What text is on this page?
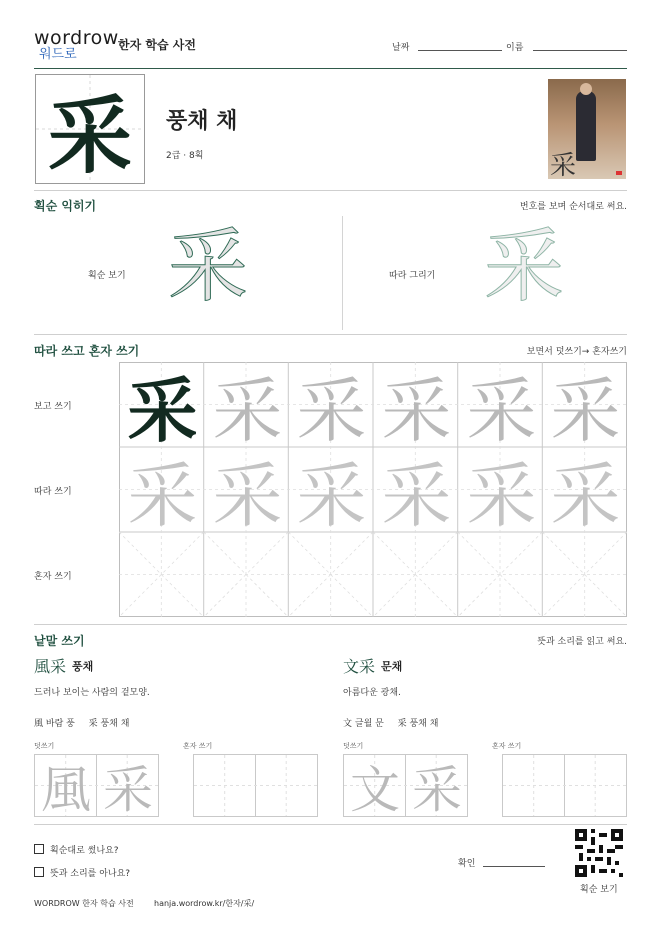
wordrow
워드로
한자 학습 사전	날짜	이름
采	풍채 채
2급 · 8획	采
획순 익히기	번호를 보며 순서대로 써요.
획순 보기 采	따라 그리기 采
따라 쓰고 혼자 쓰기	보면서 덧쓰기→ 혼자쓰기
보고 쓰기
따라 쓰기
혼자 쓰기
采 采 采 采 采 采
采 采 采 采 采 采
낱말 쓰기	뜻과 소리를 읽고 써요.
風采 풍채
드러나 보이는 사람의 겉모양.
風 바람 풍 采 풍채 채
덧쓰기	혼자 쓰기
風 采
文采 문채
아름다운 광채.
文 글월 문 采 풍채 채
덧쓰기	혼자 쓰기
文 采
획순대로 썼나요?
뜻과 소리를 아나요?
확인
획순 보기
WORDROW 한자 학습 사전	hanja.wordrow.kr/한자/采/
